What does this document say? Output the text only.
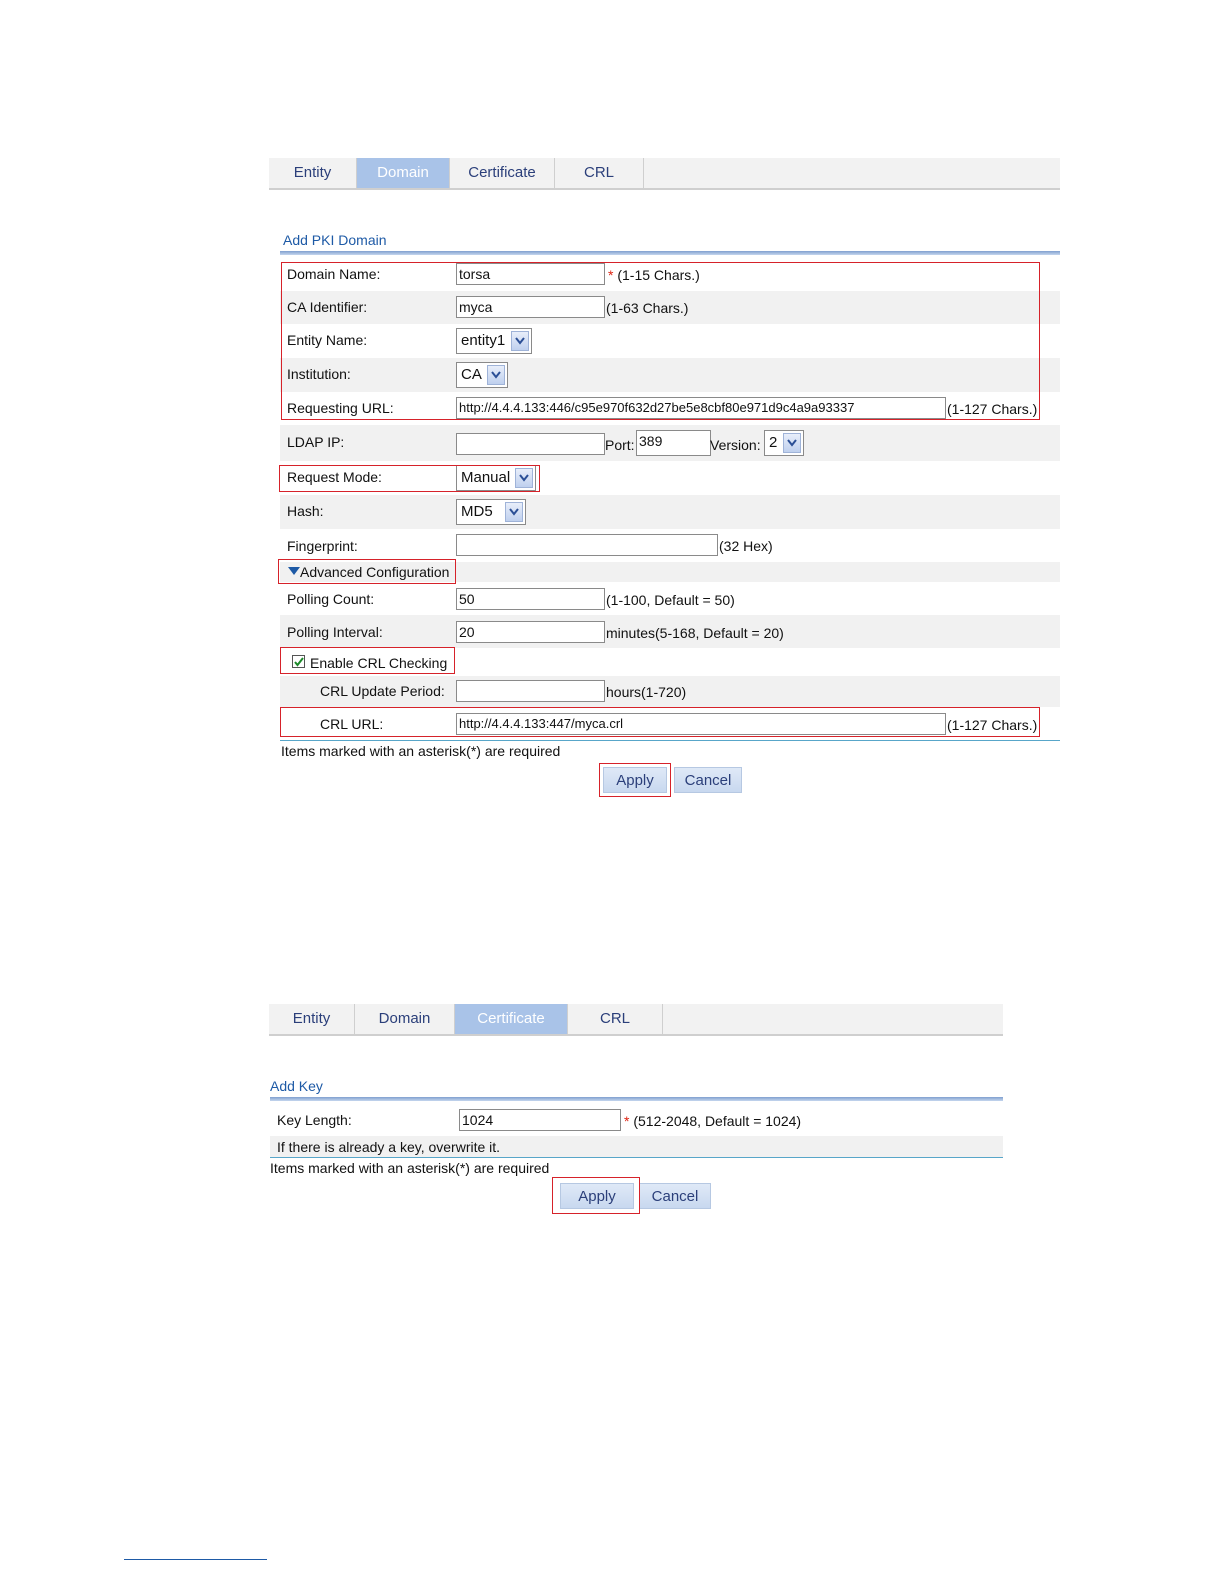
Entity	Domain	Certificate	CRL
Add PKI Domain
Domain Name:	torsa	* (1-15 Chars.)
CA Identifier:	myca	(1-63 Chars.)
Entity Name:	entity1
Institution:	CA
Requesting URL:	http://4.4.4.133:446/c95e970f632d27be5e8cbf80e971d9c4a9a93337	(1-127 Chars.)
LDAP IP:	Port: 389	Version: 2
Request Mode:	Manual
Hash:	MD5
Fingerprint:	(32 Hex)
Advanced Configuration
Polling Count:	50	(1-100, Default = 50)
Polling Interval:	20	minutes(5-168, Default = 20)
Enable CRL Checking
CRL Update Period:	hours(1-720)
CRL URL:	http://4.4.4.133:447/myca.crl	(1-127 Chars.)
Items marked with an asterisk(*) are required
Apply	Cancel
Entity	Domain	Certificate	CRL
Add Key
Key Length:	1024	* (512-2048, Default = 1024)
If there is already a key, overwrite it.
Items marked with an asterisk(*) are required
Apply	Cancel
